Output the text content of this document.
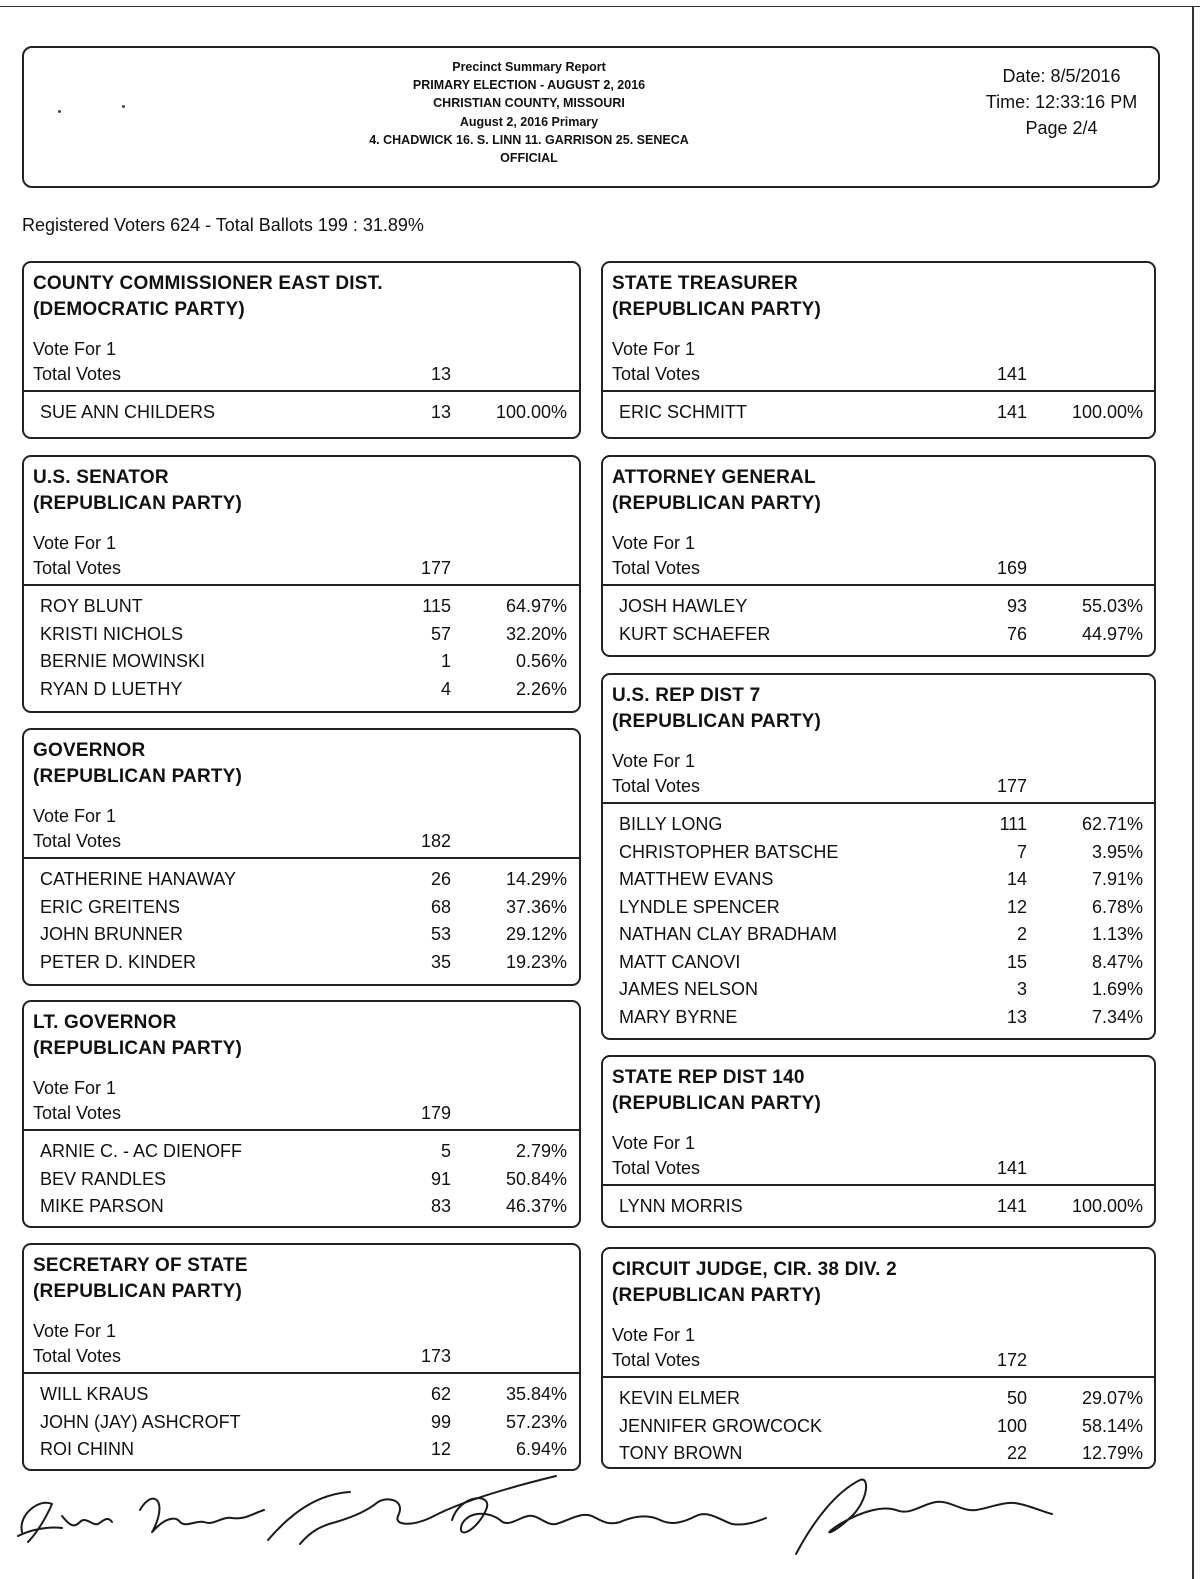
Precinct Summary Report
PRIMARY ELECTION - AUGUST 2, 2016
CHRISTIAN COUNTY, MISSOURI
August 2, 2016 Primary
4. CHADWICK 16. S. LINN 11. GARRISON 25. SENECA
OFFICIAL
Date: 8/5/2016
Time: 12:33:16 PM
Page 2/4
Registered Voters 624 - Total Ballots 199 : 31.89%
COUNTY COMMISSIONER EAST DIST.
(DEMOCRATIC PARTY)
Vote For 1
Total Votes	13
SUE ANN CHILDERS	13	100.00%
U.S. SENATOR
(REPUBLICAN PARTY)
Vote For 1
Total Votes	177
ROY BLUNT	115	64.97%
KRISTI NICHOLS	57	32.20%
BERNIE MOWINSKI	1	0.56%
RYAN D LUETHY	4	2.26%
GOVERNOR
(REPUBLICAN PARTY)
Vote For 1
Total Votes	182
CATHERINE HANAWAY	26	14.29%
ERIC GREITENS	68	37.36%
JOHN BRUNNER	53	29.12%
PETER D. KINDER	35	19.23%
LT. GOVERNOR
(REPUBLICAN PARTY)
Vote For 1
Total Votes	179
ARNIE C. - AC DIENOFF	5	2.79%
BEV RANDLES	91	50.84%
MIKE PARSON	83	46.37%
SECRETARY OF STATE
(REPUBLICAN PARTY)
Vote For 1
Total Votes	173
WILL KRAUS	62	35.84%
JOHN (JAY) ASHCROFT	99	57.23%
ROI CHINN	12	6.94%
STATE TREASURER
(REPUBLICAN PARTY)
Vote For 1
Total Votes	141
ERIC SCHMITT	141	100.00%
ATTORNEY GENERAL
(REPUBLICAN PARTY)
Vote For 1
Total Votes	169
JOSH HAWLEY	93	55.03%
KURT SCHAEFER	76	44.97%
U.S. REP DIST 7
(REPUBLICAN PARTY)
Vote For 1
Total Votes	177
BILLY LONG	111	62.71%
CHRISTOPHER BATSCHE	7	3.95%
MATTHEW EVANS	14	7.91%
LYNDLE SPENCER	12	6.78%
NATHAN CLAY BRADHAM	2	1.13%
MATT CANOVI	15	8.47%
JAMES NELSON	3	1.69%
MARY BYRNE	13	7.34%
STATE REP DIST 140
(REPUBLICAN PARTY)
Vote For 1
Total Votes	141
LYNN MORRIS	141	100.00%
CIRCUIT JUDGE, CIR. 38 DIV. 2
(REPUBLICAN PARTY)
Vote For 1
Total Votes	172
KEVIN ELMER	50	29.07%
JENNIFER GROWCOCK	100	58.14%
TONY BROWN	22	12.79%
